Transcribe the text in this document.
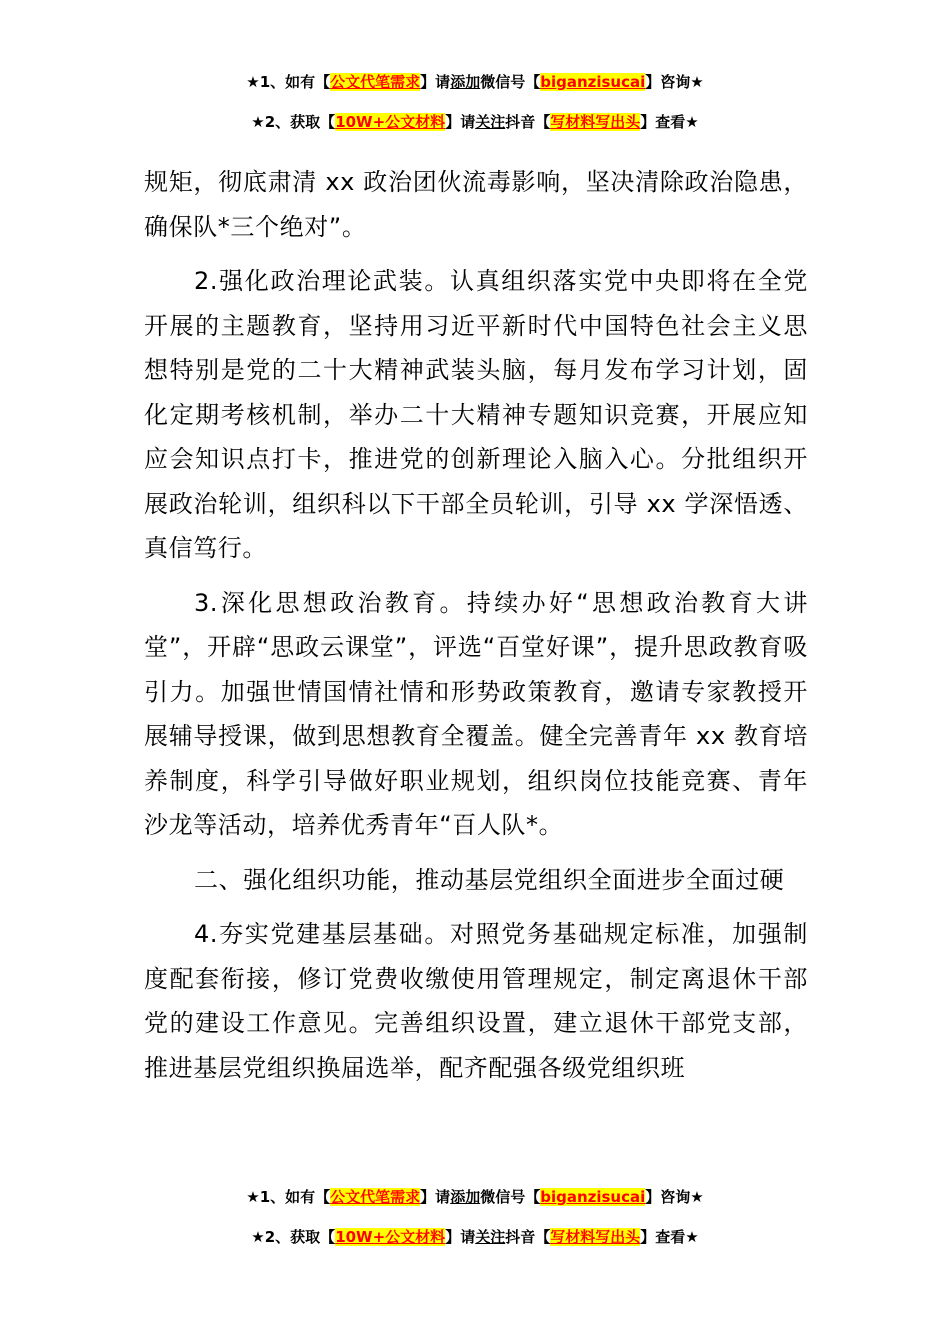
★1、如有【公文代笔需求】请添加微信号【biganzisucai】咨询★
★2、获取【10W+公文材料】请关注抖音【写材料写出头】查看★

规矩，彻底肃清 xx 政治团伙流毒影响，坚决清除政治隐患，确保队*三个绝对”。

2.强化政治理论武装。认真组织落实党中央即将在全党开展的主题教育，坚持用习近平新时代中国特色社会主义思想特别是党的二十大精神武装头脑，每月发布学习计划，固化定期考核机制，举办二十大精神专题知识竞赛，开展应知应会知识点打卡，推进党的创新理论入脑入心。分批组织开展政治轮训，组织科以下干部全员轮训，引导 xx 学深悟透、真信笃行。

3.深化思想政治教育。持续办好“思想政治教育大讲堂”，开辟“思政云课堂”，评选“百堂好课”，提升思政教育吸引力。加强世情国情社情和形势政策教育，邀请专家教授开展辅导授课，做到思想教育全覆盖。健全完善青年 xx 教育培养制度，科学引导做好职业规划，组织岗位技能竞赛、青年沙龙等活动，培养优秀青年“百人队*。

二、强化组织功能，推动基层党组织全面进步全面过硬

4.夯实党建基层基础。对照党务基础规定标准，加强制度配套衔接，修订党费收缴使用管理规定，制定离退休干部党的建设工作意见。完善组织设置，建立退休干部党支部，推进基层党组织换届选举，配齐配强各级党组织班

★1、如有【公文代笔需求】请添加微信号【biganzisucai】咨询★
★2、获取【10W+公文材料】请关注抖音【写材料写出头】查看★
